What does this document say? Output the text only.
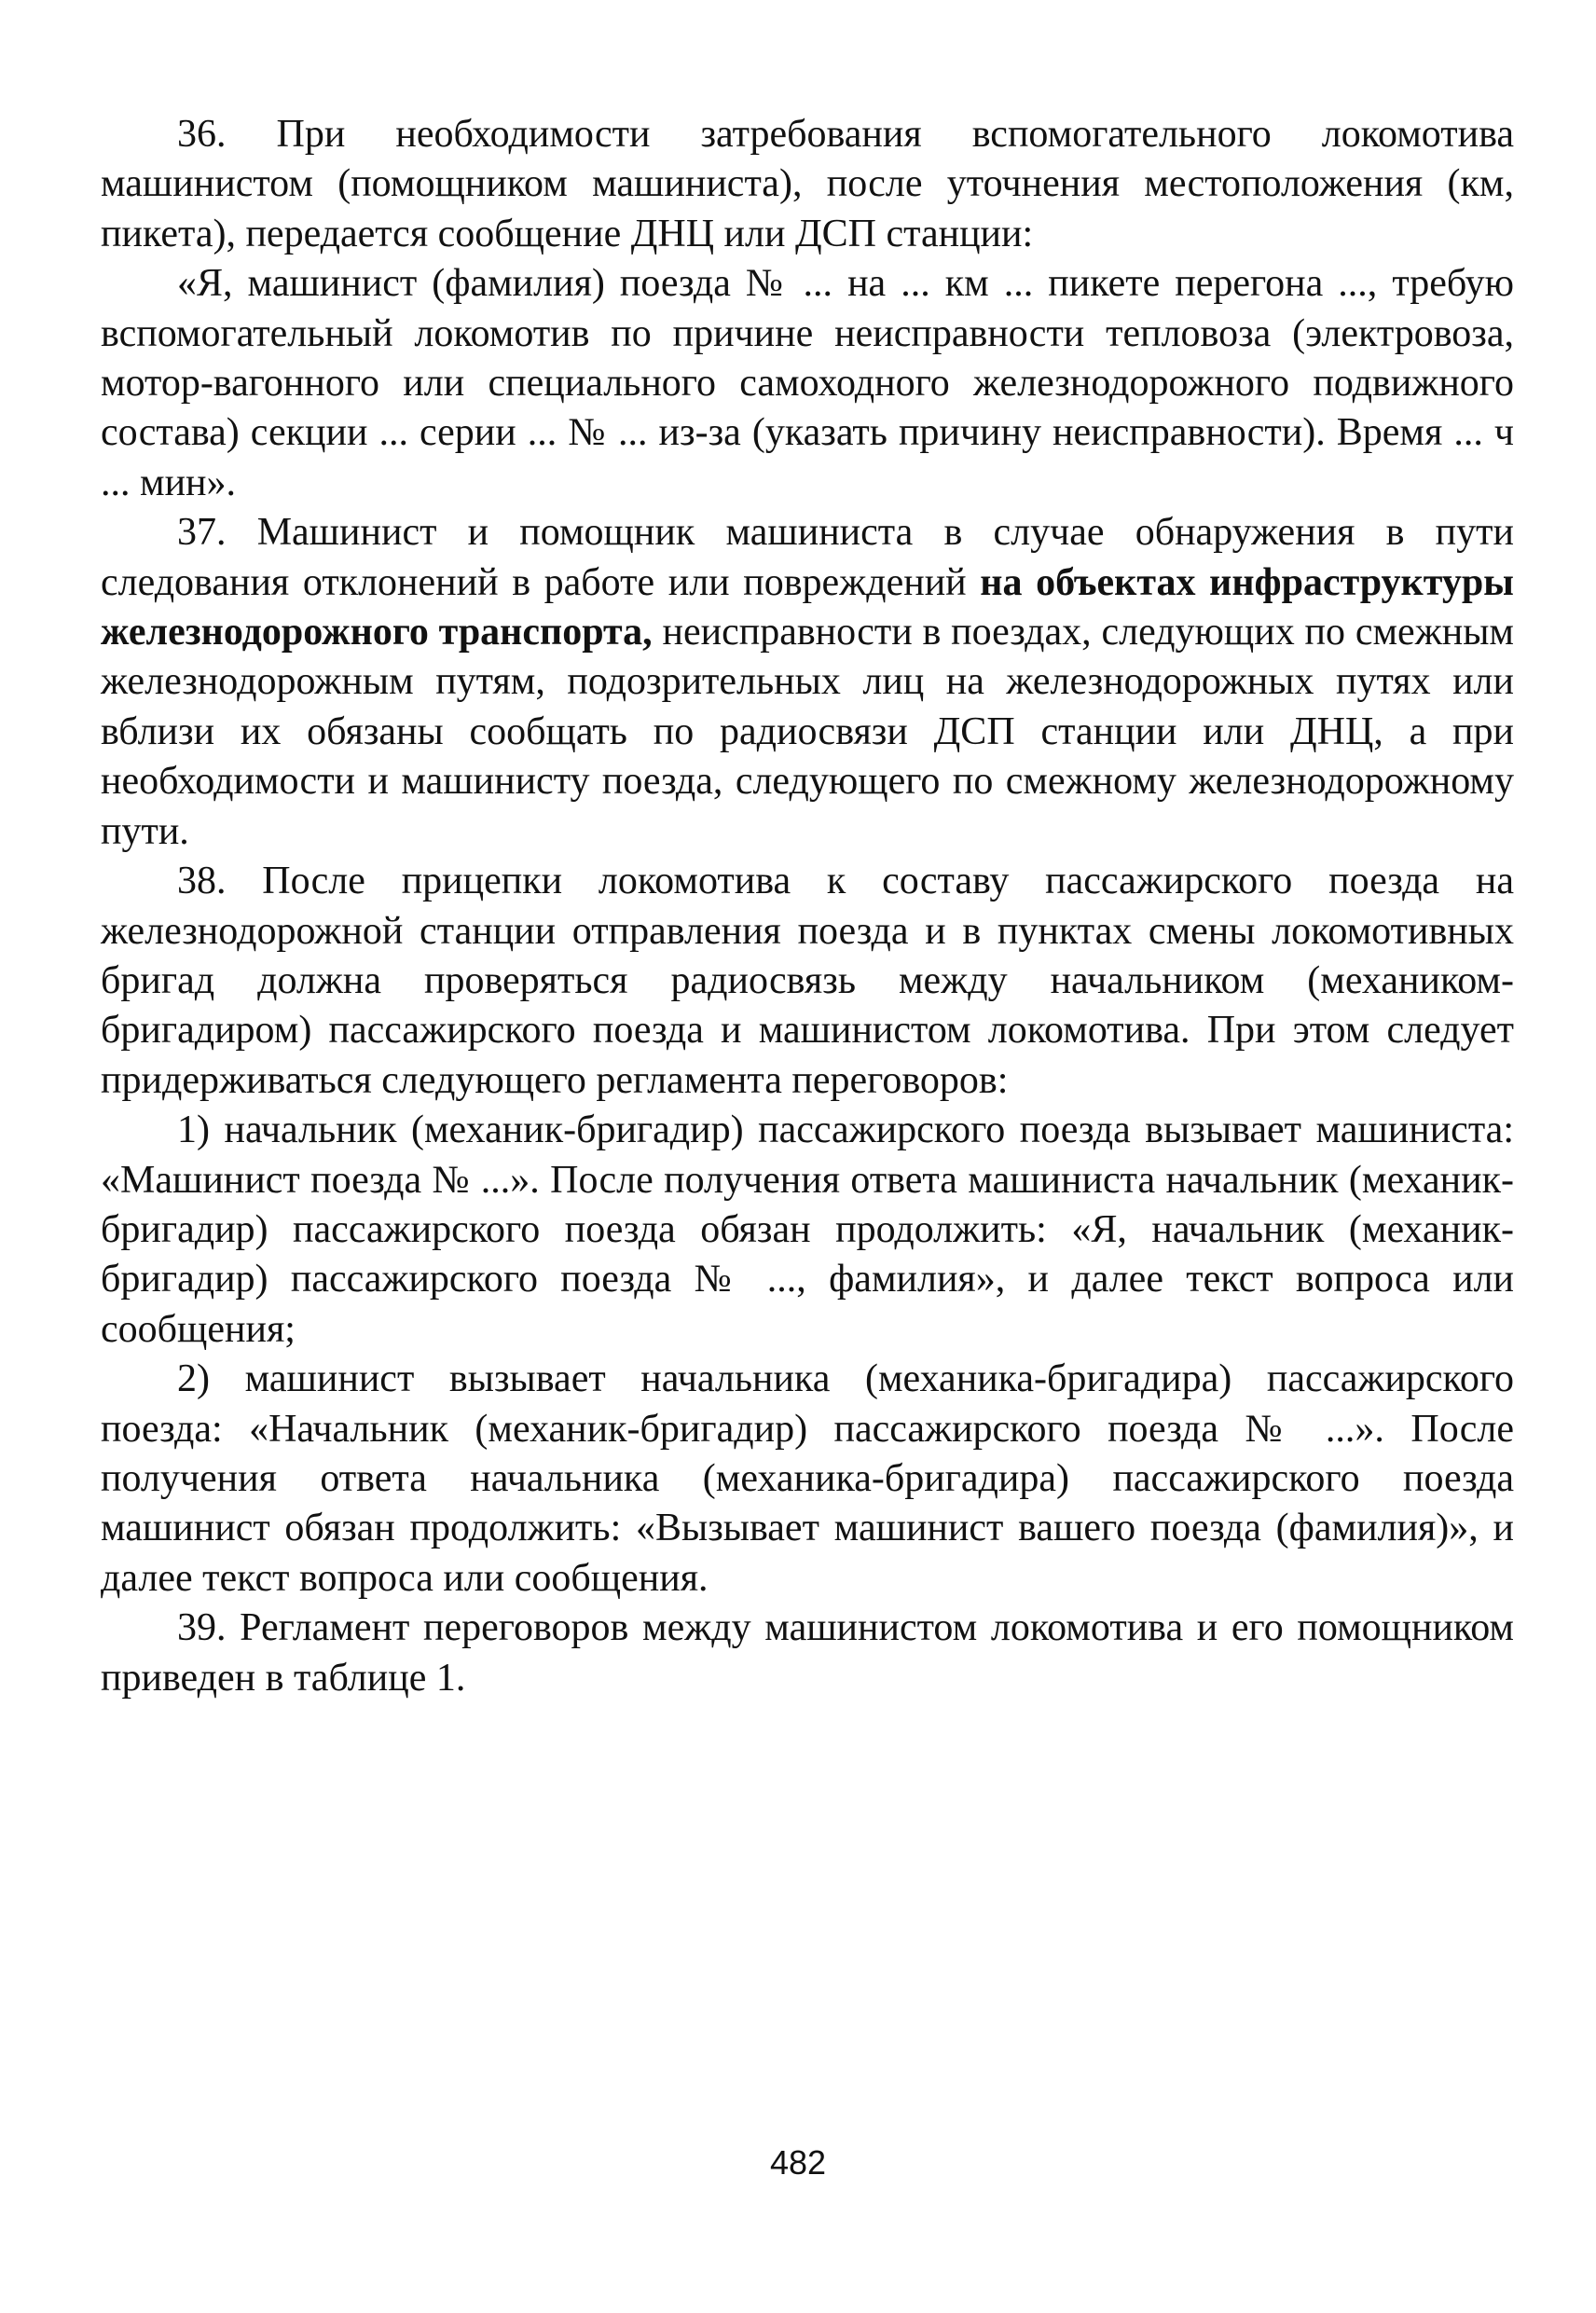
36. При необходимости затребования вспомогательного локомотива машинистом (помощником машиниста), после уточнения местоположения (км, пикета), передается сообщение ДНЦ или ДСП станции:

«Я, машинист (фамилия) поезда № ... на ... км ... пикете перегона ..., требую вспомогательный локомотив по причине неисправности тепловоза (электровоза, мотор-вагонного или специального самоходного железнодорожного подвижного состава) секции ... серии ... № ... из-за (указать причину неисправности). Время ... ч ... мин».

37. Машинист и помощник машиниста в случае обнаружения в пути следования отклонений в работе или повреждений на объектах инфраструктуры железнодорожного транспорта, неисправности в поездах, следующих по смежным железнодорожным путям, подозрительных лиц на железнодорожных путях или вблизи их обязаны сообщать по радиосвязи ДСП станции или ДНЦ, а при необходимости и машинисту поезда, следующего по смежному железнодорожному пути.

38. После прицепки локомотива к составу пассажирского поезда на железнодорожной станции отправления поезда и в пунктах смены локомотивных бригад должна проверяться радиосвязь между начальником (механиком-бригадиром) пассажирского поезда и машинистом локомотива. При этом следует придерживаться следующего регламента переговоров:

1) начальник (механик-бригадир) пассажирского поезда вызывает машиниста: «Машинист поезда № ...». После получения ответа машиниста начальник (механик-бригадир) пассажирского поезда обязан продолжить: «Я, начальник (механик-бригадир) пассажирского поезда № ..., фамилия», и далее текст вопроса или сообщения;

2) машинист вызывает начальника (механика-бригадира) пассажирского поезда: «Начальник (механик-бригадир) пассажирского поезда № ...». После получения ответа начальника (механика-бригадира) пассажирского поезда машинист обязан продолжить: «Вызывает машинист вашего поезда (фамилия)», и далее текст вопроса или сообщения.

39. Регламент переговоров между машинистом локомотива и его помощником приведен в таблице 1.

482
